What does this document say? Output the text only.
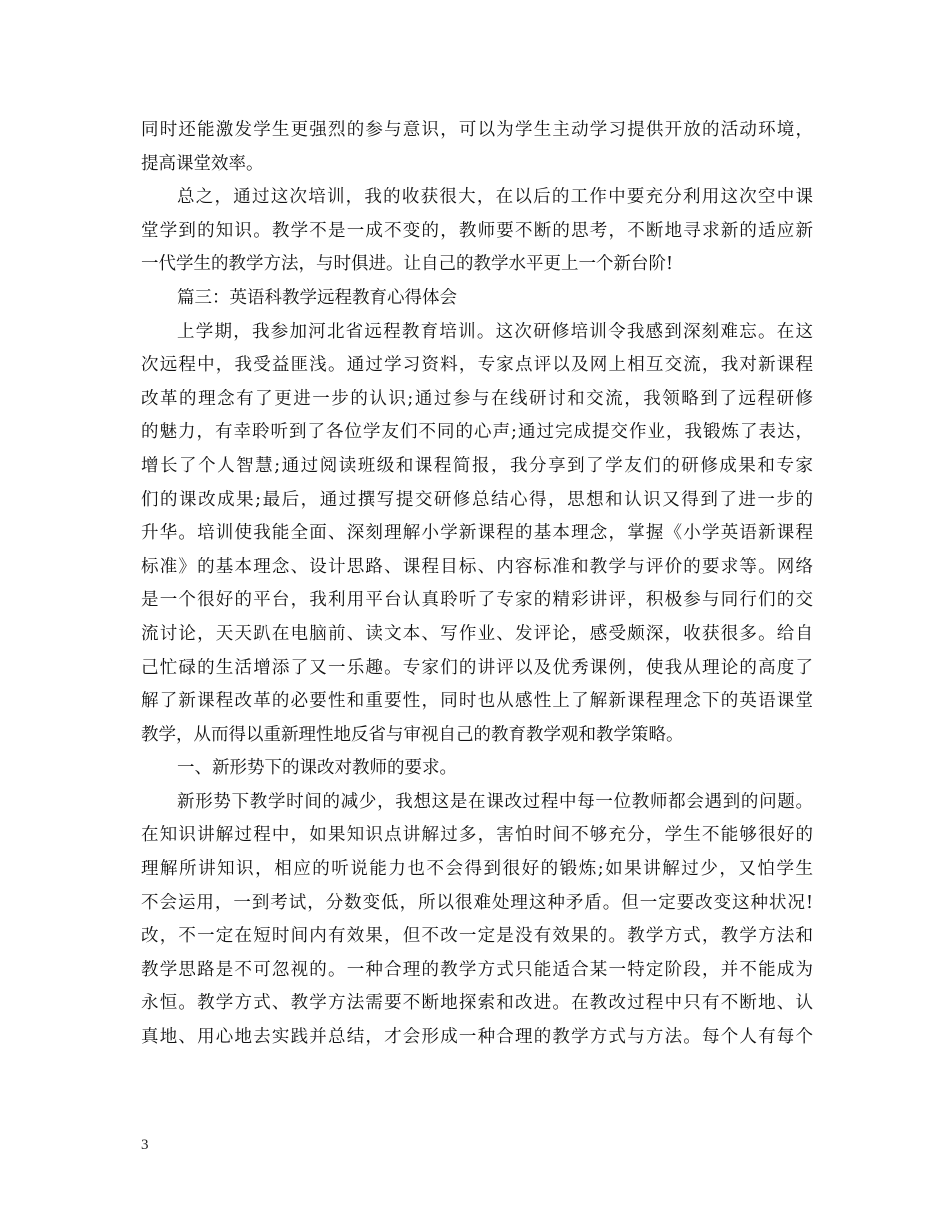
同时还能激发学生更强烈的参与意识，可以为学生主动学习提供开放的活动环境，
提高课堂效率。
总之，通过这次培训，我的收获很大，在以后的工作中要充分利用这次空中课
堂学到的知识。教学不是一成不变的，教师要不断的思考，不断地寻求新的适应新
一代学生的教学方法，与时俱进。让自己的教学水平更上一个新台阶!
篇三：英语科教学远程教育心得体会
上学期，我参加河北省远程教育培训。这次研修培训令我感到深刻难忘。在这
次远程中，我受益匪浅。通过学习资料，专家点评以及网上相互交流，我对新课程
改革的理念有了更进一步的认识;通过参与在线研讨和交流，我领略到了远程研修
的魅力，有幸聆听到了各位学友们不同的心声;通过完成提交作业，我锻炼了表达，
增长了个人智慧;通过阅读班级和课程简报，我分享到了学友们的研修成果和专家
们的课改成果;最后，通过撰写提交研修总结心得，思想和认识又得到了进一步的
升华。培训使我能全面、深刻理解小学新课程的基本理念，掌握《小学英语新课程
标准》的基本理念、设计思路、课程目标、内容标准和教学与评价的要求等。网络
是一个很好的平台，我利用平台认真聆听了专家的精彩讲评，积极参与同行们的交
流讨论，天天趴在电脑前、读文本、写作业、发评论，感受颇深，收获很多。给自
己忙碌的生活增添了又一乐趣。专家们的讲评以及优秀课例，使我从理论的高度了
解了新课程改革的必要性和重要性，同时也从感性上了解新课程理念下的英语课堂
教学，从而得以重新理性地反省与审视自己的教育教学观和教学策略。
一、新形势下的课改对教师的要求。
新形势下教学时间的减少，我想这是在课改过程中每一位教师都会遇到的问题。
在知识讲解过程中，如果知识点讲解过多，害怕时间不够充分，学生不能够很好的
理解所讲知识，相应的听说能力也不会得到很好的锻炼;如果讲解过少，又怕学生
不会运用，一到考试，分数变低，所以很难处理这种矛盾。但一定要改变这种状况!
改，不一定在短时间内有效果，但不改一定是没有效果的。教学方式，教学方法和
教学思路是不可忽视的。一种合理的教学方式只能适合某一特定阶段，并不能成为
永恒。教学方式、教学方法需要不断地探索和改进。在教改过程中只有不断地、认
真地、用心地去实践并总结，才会形成一种合理的教学方式与方法。每个人有每个
3
